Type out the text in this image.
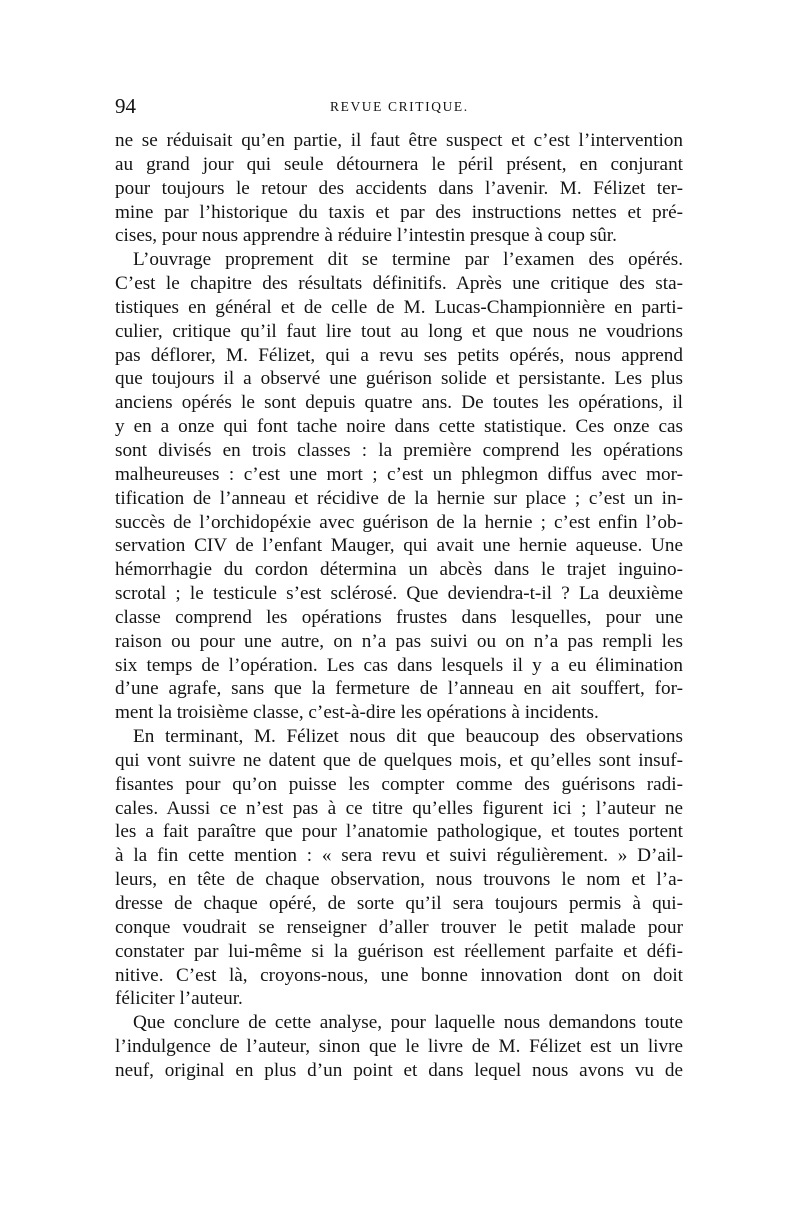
94	REVUE CRITIQUE.
ne se réduisait qu’en partie, il faut être suspect et c’est l’intervention
au grand jour qui seule détournera le péril présent, en conjurant
pour toujours le retour des accidents dans l’avenir. M. Félizet ter-
mine par l’historique du taxis et par des instructions nettes et pré-
cises, pour nous apprendre à réduire l’intestin presque à coup sûr.
L’ouvrage proprement dit se termine par l’examen des opérés.
C’est le chapitre des résultats définitifs. Après une critique des sta-
tistiques en général et de celle de M. Lucas-Championnière en parti-
culier, critique qu’il faut lire tout au long et que nous ne voudrions
pas déflorer, M. Félizet, qui a revu ses petits opérés, nous apprend
que toujours il a observé une guérison solide et persistante. Les plus
anciens opérés le sont depuis quatre ans. De toutes les opérations, il
y en a onze qui font tache noire dans cette statistique. Ces onze cas
sont divisés en trois classes : la première comprend les opérations
malheureuses : c’est une mort ; c’est un phlegmon diffus avec mor-
tification de l’anneau et récidive de la hernie sur place ; c’est un in-
succès de l’orchidopéxie avec guérison de la hernie ; c’est enfin l’ob-
servation CIV de l’enfant Mauger, qui avait une hernie aqueuse. Une
hémorrhagie du cordon détermina un abcès dans le trajet inguino-
scrotal ; le testicule s’est sclérosé. Que deviendra-t-il ? La deuxième
classe comprend les opérations frustes dans lesquelles, pour une
raison ou pour une autre, on n’a pas suivi ou on n’a pas rempli les
six temps de l’opération. Les cas dans lesquels il y a eu élimination
d’une agrafe, sans que la fermeture de l’anneau en ait souffert, for-
ment la troisième classe, c’est-à-dire les opérations à incidents.
En terminant, M. Félizet nous dit que beaucoup des observations
qui vont suivre ne datent que de quelques mois, et qu’elles sont insuf-
fisantes pour qu’on puisse les compter comme des guérisons radi-
cales. Aussi ce n’est pas à ce titre qu’elles figurent ici ; l’auteur ne
les a fait paraître que pour l’anatomie pathologique, et toutes portent
à la fin cette mention : « sera revu et suivi régulièrement. » D’ail-
leurs, en tête de chaque observation, nous trouvons le nom et l’a-
dresse de chaque opéré, de sorte qu’il sera toujours permis à qui-
conque voudrait se renseigner d’aller trouver le petit malade pour
constater par lui-même si la guérison est réellement parfaite et défi-
nitive. C’est là, croyons-nous, une bonne innovation dont on doit
féliciter l’auteur.
Que conclure de cette analyse, pour laquelle nous demandons toute
l’indulgence de l’auteur, sinon que le livre de M. Félizet est un livre
neuf, original en plus d’un point et dans lequel nous avons vu de
